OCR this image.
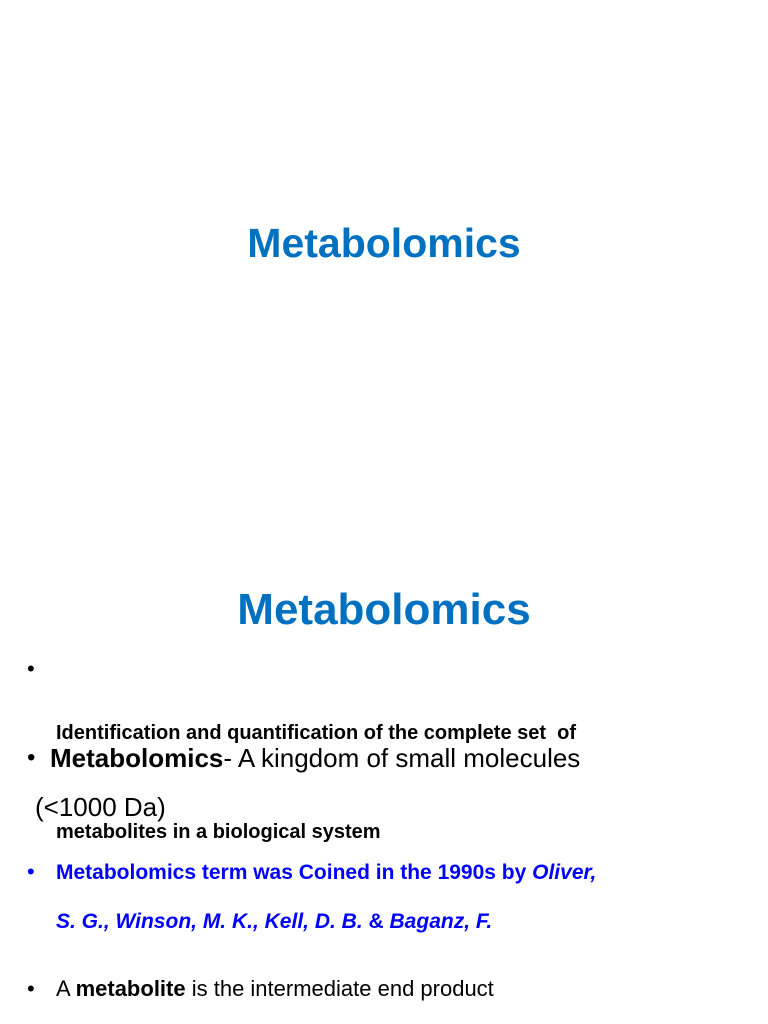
Metabolomics
Metabolomics
•

Identification and quantification of the complete set  of

metabolites in a biological system

• Metabolomics- A kingdom of small molecules
(<1000 Da)
• Metabolomics term was Coined in the 1990s by Oliver,
S. G., Winson, M. K., Kell, D. B. & Baganz, F.
• A metabolite is the intermediate end product
